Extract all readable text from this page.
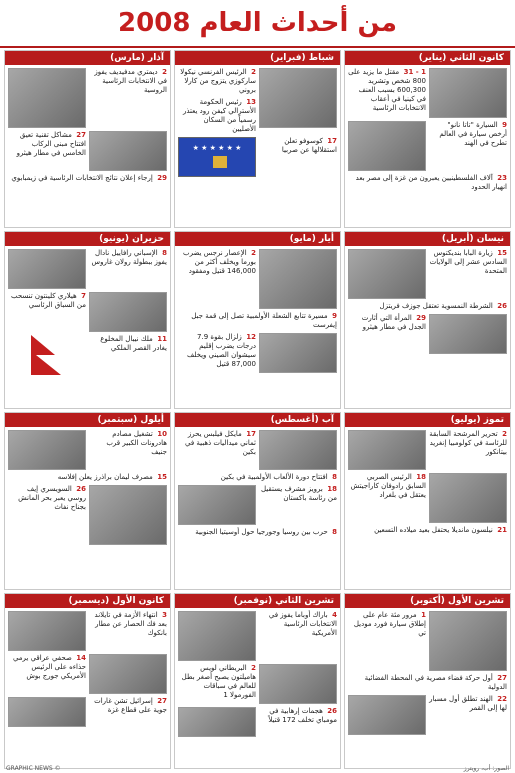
من أحداث العام 2008
كانون الثاني (يناير)
1 - 31 مقتل ما يزيد على 800 شخص وتشريد 600,300 بسبب العنف في كينيا في أعقاب الانتخابات الرئاسية
9 السيارة "تاتا نانو" أرخص سيارة في العالم تطرح في الهند
23 آلاف الفلسطينيين يعبرون من غزة إلى مصر بعد انهيار الحدود
شباط (فبراير)
2 الرئيس الفرنسي نيكولا ساركوزي يتزوج من كارلا بروني
13 رئيس الحكومة الأسترالي كيفن رود يعتذر رسمياً من السكان الأصليين
17 كوسوفو تعلن استقلالها عن صربيا
★ ★ ★ ★ ★ ★
آذار (مارس)
2 ديمتري مدفيديف يفوز في الانتخابات الرئاسية الروسية
27 مشاكل تقنية تعيق افتتاح مبنى الركاب الخامس في مطار هيثرو
29 إرجاء إعلان نتائج الانتخابات الرئاسية في زيمبابوي
نيسان (أبريل)
15 زيارة البابا بنديكتوس السادس عشر إلى الولايات المتحدة
26 الشرطة النمسوية تعتقل جوزف فريتزل
29 المرأة التي أثارت الجدل في مطار هيثرو
أيار (مايو)
2 الإعصار نرجس يضرب بورما ويخلف أكثر من 146,000 قتيل ومفقود
9 مسيرة تتابع الشعلة الأولمبية تصل إلى قمة جبل إيفرست
12 زلزال بقوة 7.9 درجات يضرب إقليم سيشوان الصيني ويخلف 87,000 قتيل
حزيران (يونيو)
8 الإسباني رافاييل نادال يفوز ببطولة رولان غاروس
7 هيلاري كلينتون تنسحب من السباق الرئاسي
11 ملك نيبال المخلوع يغادر القصر الملكي
تموز (يوليو)
2 تحرير المرشحة السابقة للرئاسة في كولومبيا إنغريد بيتانكور
18 الرئيس الصربي السابق رادوفان كاراجيتش يعتقل في بلغراد
21 نيلسون مانديلا يحتفل بعيد ميلاده التسعين
آب (أغسطس)
17 مايكل فيلبس يحرز ثماني ميداليات ذهبية في بكين
8 افتتاح دورة الألعاب الأولمبية في بكين
18 برويز مشرف يستقيل من رئاسة باكستان
8 حرب بين روسيا وجورجيا حول أوسيتيا الجنوبية
أيلول (سبتمبر)
10 تشغيل مصادم هادرونات الكبير قرب جنيف
15 مصرف ليمان براذرز يعلن إفلاسه
26 السويسري إيف روسي يعبر بحر المانش بجناح نفاث
تشرين الأول (أكتوبر)
1 مرور مئة عام على إطلاق سيارة فورد موديل تي
27 أول حركة فضاء مصرية في المحطة الفضائية الدولية
22 الهند تطلق أول مسبار لها إلى القمر
تشرين الثاني (نوفمبر)
4 باراك أوباما يفوز في الانتخابات الرئاسية الأمريكية
2 البريطاني لويس هاميلتون يصبح أصغر بطل للعالم في سباقات الفورمولا 1
26 هجمات إرهابية في مومباي تخلف 172 قتيلاً
كانون الأول (ديسمبر)
3 انتهاء الأزمة في تايلاند بعد فك الحصار عن مطار بانكوك
14 صحفي عراقي يرمي حذاءه على الرئيس الأمريكي جورج بوش
27 إسرائيل تشن غارات جوية على قطاع غزة
الصور: أب، رويترز
© GRAPHIC NEWS
